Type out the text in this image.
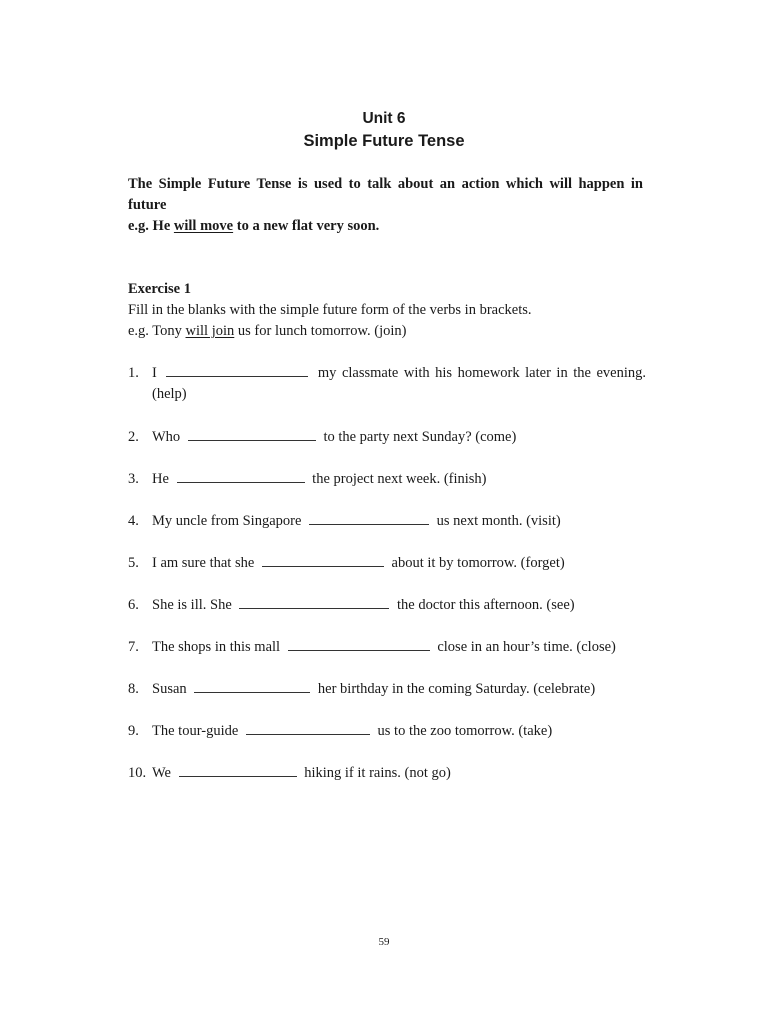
Unit 6
Simple Future Tense

The Simple Future Tense is used to talk about an action which will happen in future

e.g. He will move to a new flat very soon.

Exercise 1

Fill in the blanks with the simple future form of the verbs in brackets.

e.g. Tony will join us for lunch tomorrow. (join)

1. I	my classmate with his homework later in the evening. (help)
2. Who	to the party next Sunday? (come)
3. He	the project next week. (finish)
4. My uncle from Singapore	us next month. (visit)
5. I am sure that she	about it by tomorrow. (forget)
6. She is ill. She	the doctor this afternoon. (see)
7. The shops in this mall	close in an hour’s time. (close)
8. Susan	her birthday in the coming Saturday. (celebrate)
9. The tour-guide	us to the zoo tomorrow. (take)
10. We	hiking if it rains. (not go)
59
